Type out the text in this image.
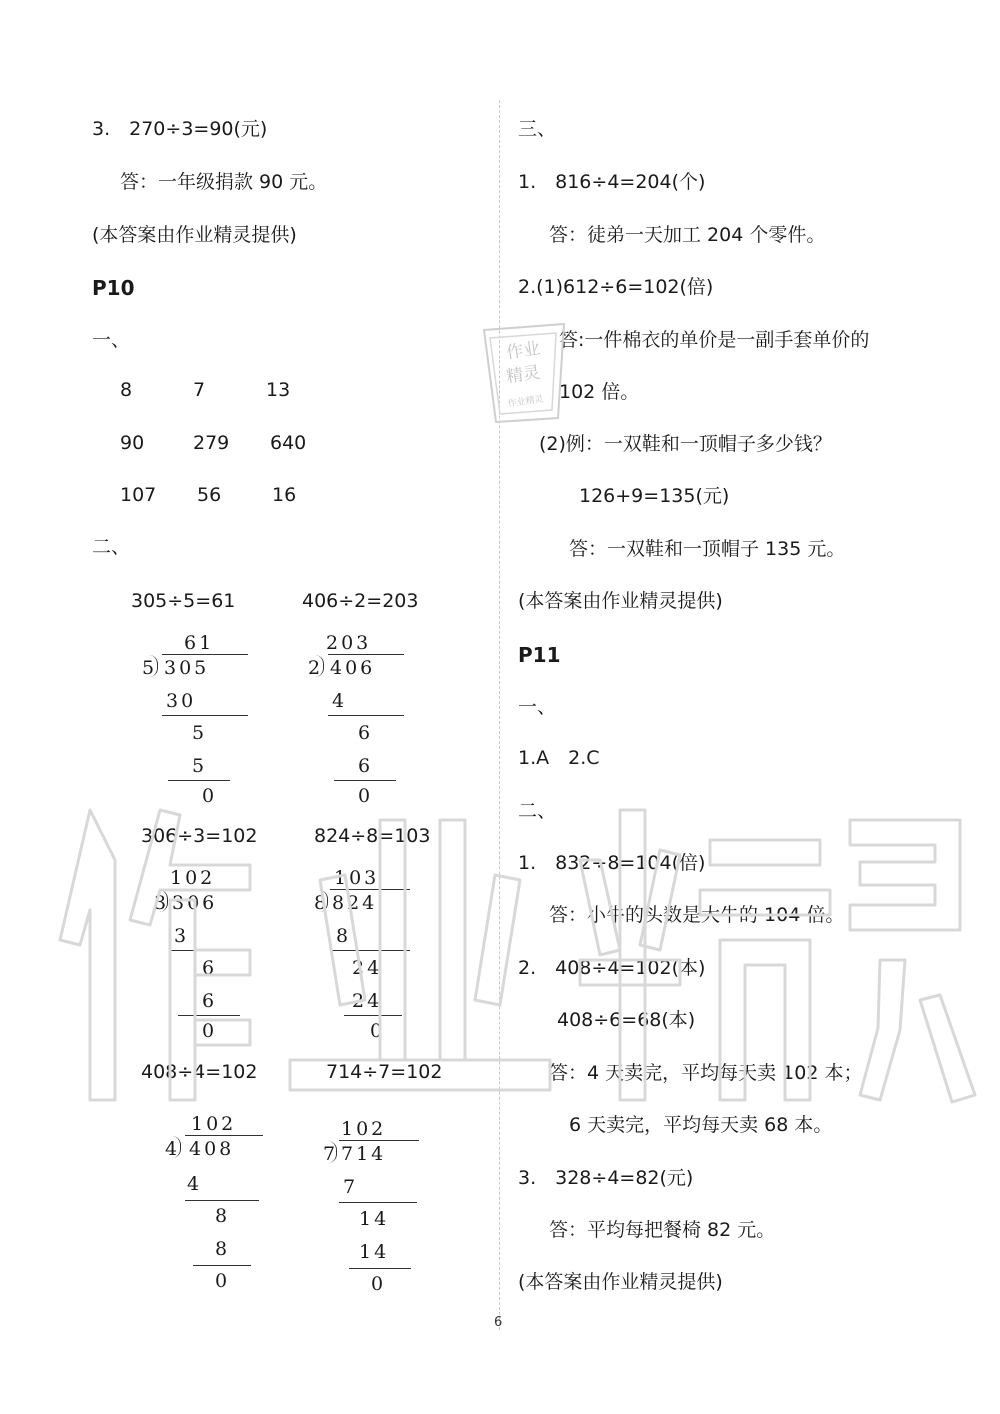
3.　270÷3=90(元)
答：一年级捐款 90 元。
(本答案由作业精灵提供)
P10
一、
8	7	13
90	279 640
107 56	16
二、
305÷5=61	406÷2=203
306÷3=102	824÷8=103
408÷4=102	714÷7=102
61
5 305
30
5
5
0
203
2 406
4
6
6
0
102
3 306
3
6
6
0
103
8 824
8
24
24
0
102
4 408
4
8
8
0
102
7 714
7
14
14
0
三、
1.　816÷4=204(个)
答：徒弟一天加工 204 个零件。
2.(1)612÷6=102(倍)
答:一件棉衣的单价是一副手套单价的
102 倍。
(2)例：一双鞋和一顶帽子多少钱？
126+9=135(元)
答：一双鞋和一顶帽子 135 元。
(本答案由作业精灵提供)
P11
一、
1.A　2.C
二、
1.　832÷8=104(倍)
答：小牛的头数是大牛的 104 倍。
2.　408÷4=102(本)
408÷6=68(本)
答：4 天卖完，平均每天卖 102 本；
6 天卖完，平均每天卖 68 本。
3.　328÷4=82(元)
答：平均每把餐椅 82 元。
(本答案由作业精灵提供)
6
作业
精灵
作业精灵
